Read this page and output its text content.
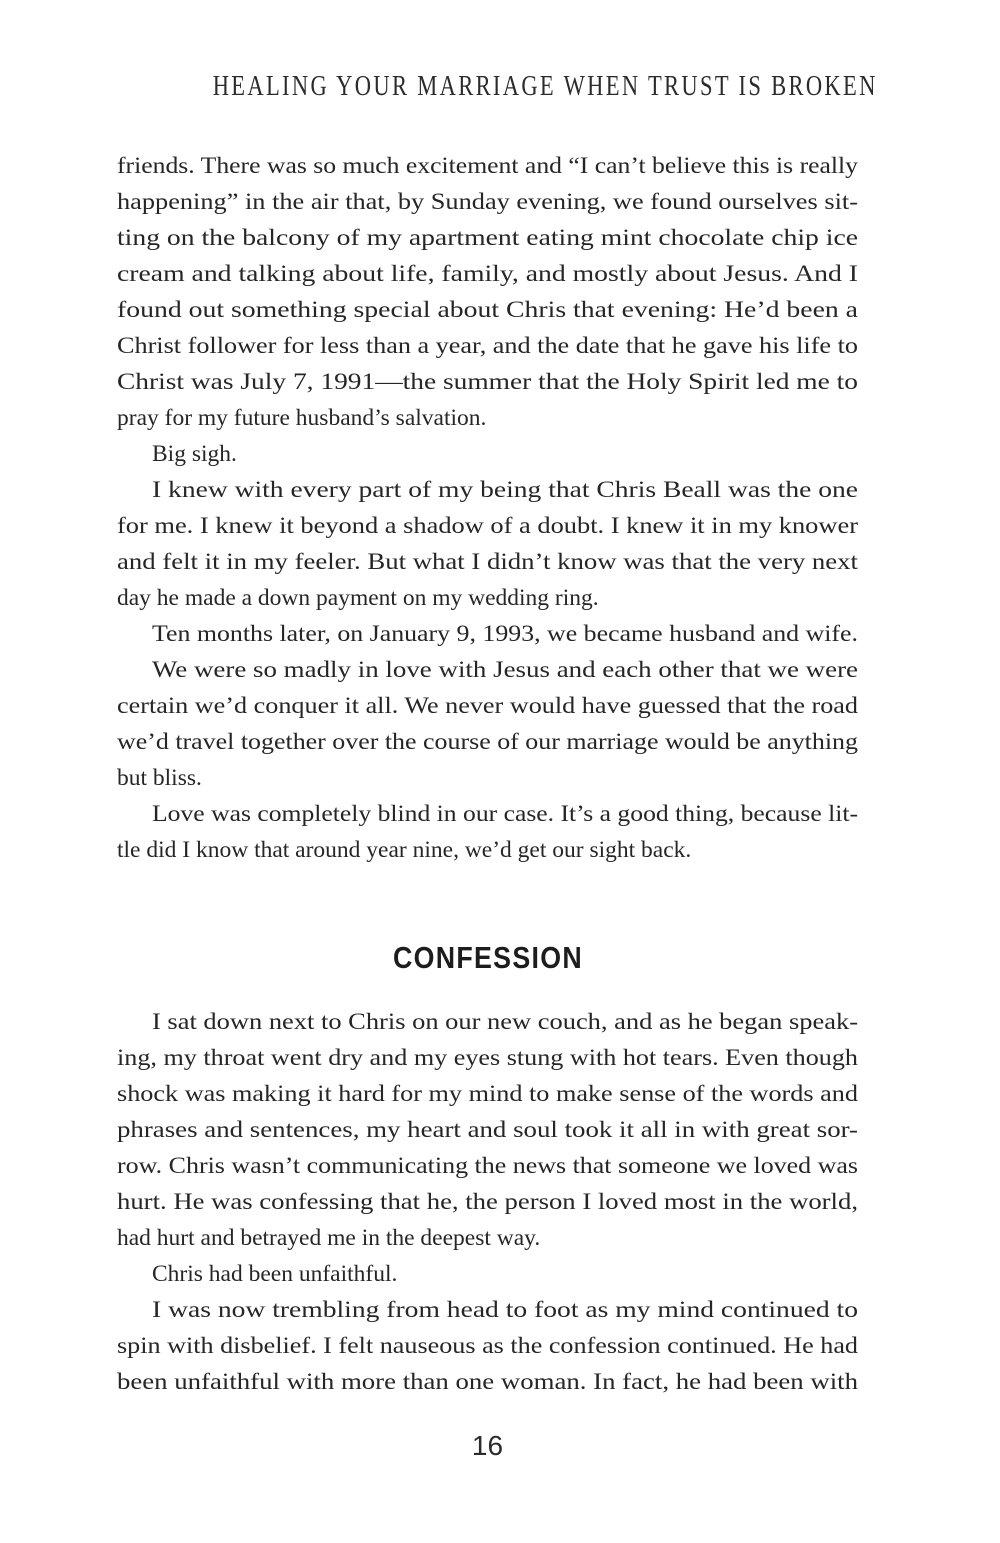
HEALING YOUR MARRIAGE WHEN TRUST IS BROKEN
friends. There was so much excitement and “I can’t believe this is really
happening” in the air that, by Sunday evening, we found ourselves sit-
ting on the balcony of my apartment eating mint chocolate chip ice
cream and talking about life, family, and mostly about Jesus. And I
found out something special about Chris that evening: He’d been a
Christ follower for less than a year, and the date that he gave his life to
Christ was July 7, 1991—the summer that the Holy Spirit led me to
pray for my future husband’s salvation.
Big sigh.
I knew with every part of my being that Chris Beall was the one
for me. I knew it beyond a shadow of a doubt. I knew it in my knower
and felt it in my feeler. But what I didn’t know was that the very next
day he made a down payment on my wedding ring.
Ten months later, on January 9, 1993, we became husband and wife.
We were so madly in love with Jesus and each other that we were
certain we’d conquer it all. We never would have guessed that the road
we’d travel together over the course of our marriage would be anything
but bliss.
Love was completely blind in our case. It’s a good thing, because lit-
tle did I know that around year nine, we’d get our sight back.
CONFESSION
I sat down next to Chris on our new couch, and as he began speak-
ing, my throat went dry and my eyes stung with hot tears. Even though
shock was making it hard for my mind to make sense of the words and
phrases and sentences, my heart and soul took it all in with great sor-
row. Chris wasn’t communicating the news that someone we loved was
hurt. He was confessing that he, the person I loved most in the world,
had hurt and betrayed me in the deepest way.
Chris had been unfaithful.
I was now trembling from head to foot as my mind continued to
spin with disbelief. I felt nauseous as the confession continued. He had
been unfaithful with more than one woman. In fact, he had been with
16
